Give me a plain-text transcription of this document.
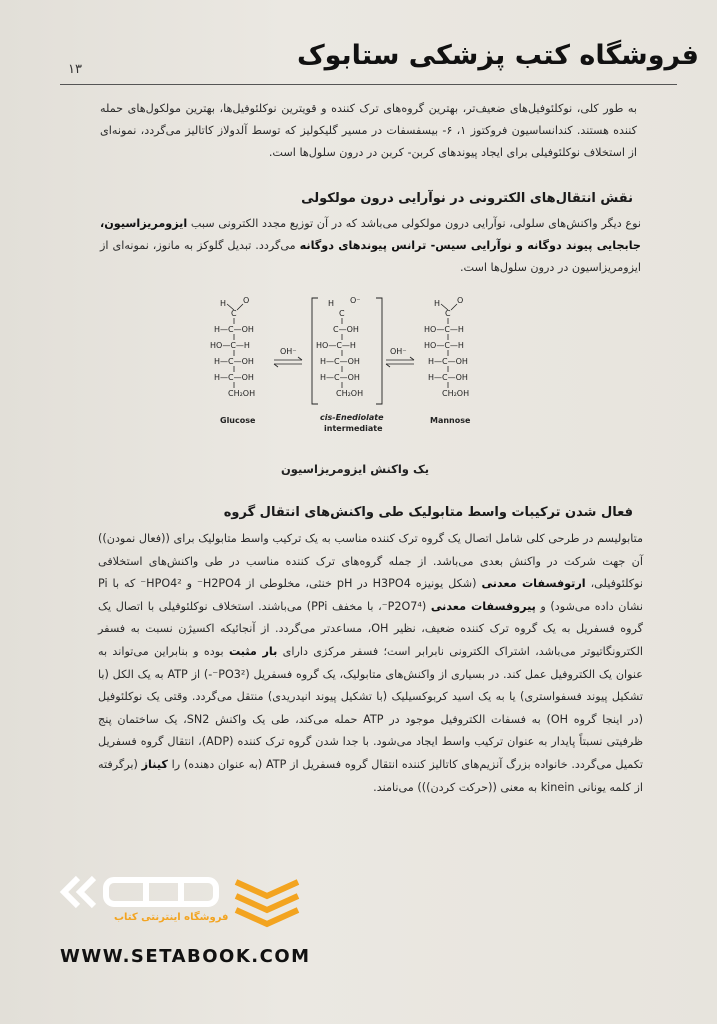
فروشگاه کتب پزشکی ستابوک
۱۳

به طور کلی، نوکلئوفیل‌های ضعیف‌تر، بهترین گروه‌های ترک کننده و قویترین نوکلئوفیل‌ها، بهترین مولکول‌های حمله کننده هستند. کندانساسیون فروکتوز ۱، ۶- بیسفسفات در مسیر گلیکولیز که توسط آلدولاز کاتالیز می‌گردد، نمونه‌ای از استخلاف نوکلئوفیلی برای ایجاد پیوندهای کربن- کربن در درون سلول‌ها است.

نقش انتقال‌های الکترونی در نوآرایی درون مولکولی

نوع دیگر واکنش‌های سلولی، نوآرایی درون مولکولی می‌باشد که در آن توزیع مجدد الکترونی سبب ایزومریزاسیون، جابجایی پیوند دوگانه و نوآرایی سیس- ترانس پیوندهای دوگانه می‌گردد. تبدیل گلوکز به مانوز، نمونه‌ای از ایزومریزاسیون در درون سلول‌ها است.

H O
C
H—C—OH
HO—C—H
H—C—OH
H—C—OH
CH₂OH
Glucose
OH⁻
H O⁻
C
C—OH
HO—C—H
H—C—OH
H—C—OH
CH₂OH
cis-Enediolate
intermediate
OH⁻
H O
C
HO—C—H
HO—C—H
H—C—OH
H—C—OH
CH₂OH
Mannose
یک واکنش ایزومریزاسیون
فعال شدن ترکیبات واسط متابولیک طی واکنش‌های انتقال گروه

متابولیسم در طرحی کلی شامل اتصال یک گروه ترک کننده مناسب به یک ترکیب واسط متابولیک برای ((فعال نمودن)) آن جهت شرکت در واکنش بعدی می‌باشد. از جمله گروه‌های ترک کننده مناسب در طی واکنش‌های استخلافی نوکلئوفیلی، ارتوفسفات معدنی (شکل یونیزه H3PO4 در pH خنثی، مخلوطی از H2PO4⁻ و HPO4²⁻ که با Pi نشان داده می‌شود) و پیروفسفات معدنی (P2O7⁴⁻، با مخفف PPi) می‌باشند. استخلاف نوکلئوفیلی با اتصال یک گروه فسفریل به یک گروه ترک کننده ضعیف، نظیر OH، مساعدتر می‌گردد. از آنجائیکه اکسیژن نسبت به فسفر الکترونگاتیوتر می‌باشد، اشتراک الکترونی نابرابر است؛ فسفر مرکزی دارای بار مثبت بوده و بنابراین می‌تواند به عنوان یک الکتروفیل عمل کند. در بسیاری از واکنش‌های متابولیک، یک گروه فسفریل (PO3²⁻-) از ATP به یک الکل (با تشکیل پیوند فسفواستری) یا به یک اسید کربوکسیلیک (با تشکیل پیوند انیدریدی) منتقل می‌گردد. وقتی یک نوکلئوفیل (در اینجا گروه OH) به فسفات الکتروفیل موجود در ATP حمله می‌کند، طی یک واکنش SN2، یک ساختمان پنج ظرفیتی نسبتاً پایدار به عنوان ترکیب واسط ایجاد می‌شود. با جدا شدن گروه ترک کننده (ADP)، انتقال گروه فسفریل تکمیل می‌گردد. خانواده بزرگ آنزیم‌های کاتالیز کننده انتقال گروه فسفریل از ATP (به عنوان دهنده) را کیناز (برگرفته از کلمه یونانی kinein به معنی ((حرکت کردن))) می‌نامند.

فروشگاه اینترنتی کتاب
WWW.SETABOOK.COM
